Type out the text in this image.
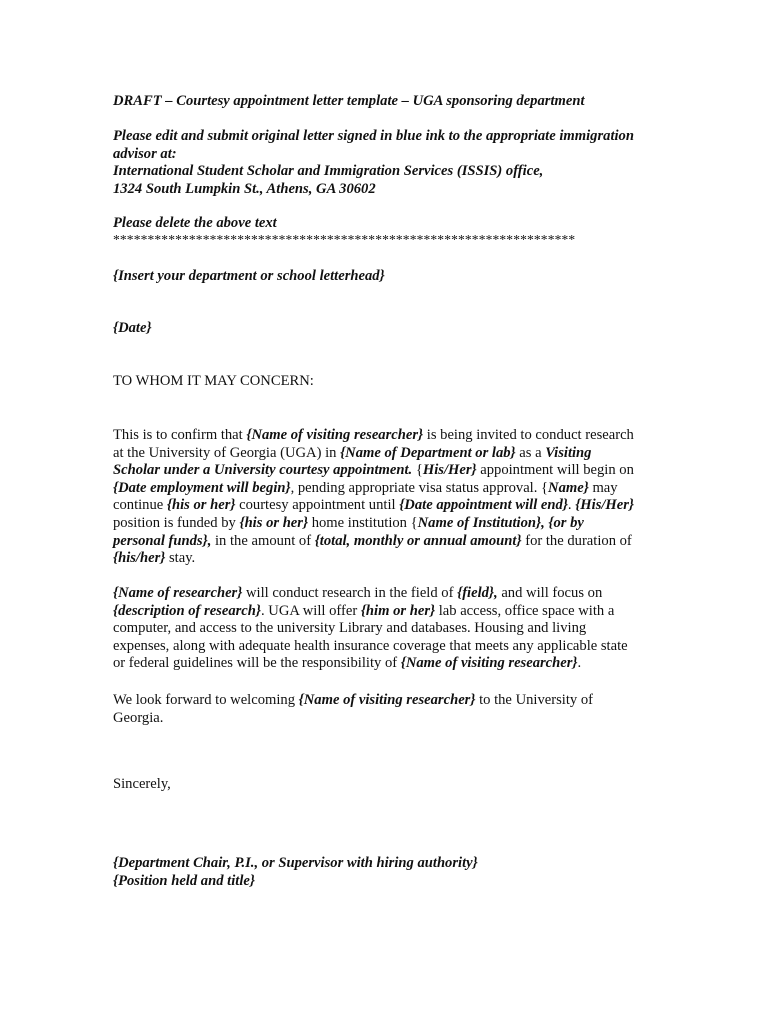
DRAFT – Courtesy appointment letter template – UGA sponsoring department
Please edit and submit original letter signed in blue ink to the appropriate immigration
advisor at:
International Student Scholar and Immigration Services (ISSIS) office,
1324 South Lumpkin St., Athens, GA 30602
Please delete the above text
*******************************************************************
{Insert your department or school letterhead}
{Date}
TO WHOM IT MAY CONCERN:
This is to confirm that {Name of visiting researcher} is being invited to conduct research
at the University of Georgia (UGA) in {Name of Department or lab} as a Visiting
Scholar under a University courtesy appointment. {His/Her} appointment will begin on
{Date employment will begin}, pending appropriate visa status approval. {Name} may
continue {his or her} courtesy appointment until {Date appointment will end}. {His/Her}
position is funded by {his or her} home institution {Name of Institution}, {or by
personal funds}, in the amount of {total, monthly or annual amount} for the duration of
{his/her} stay.
{Name of researcher} will conduct research in the field of {field}, and will focus on
{description of research}. UGA will offer {him or her} lab access, office space with a
computer, and access to the university Library and databases. Housing and living
expenses, along with adequate health insurance coverage that meets any applicable state
or federal guidelines will be the responsibility of {Name of visiting researcher}.
We look forward to welcoming {Name of visiting researcher} to the University of
Georgia.
Sincerely,
{Department Chair, P.I., or Supervisor with hiring authority}
{Position held and title}
